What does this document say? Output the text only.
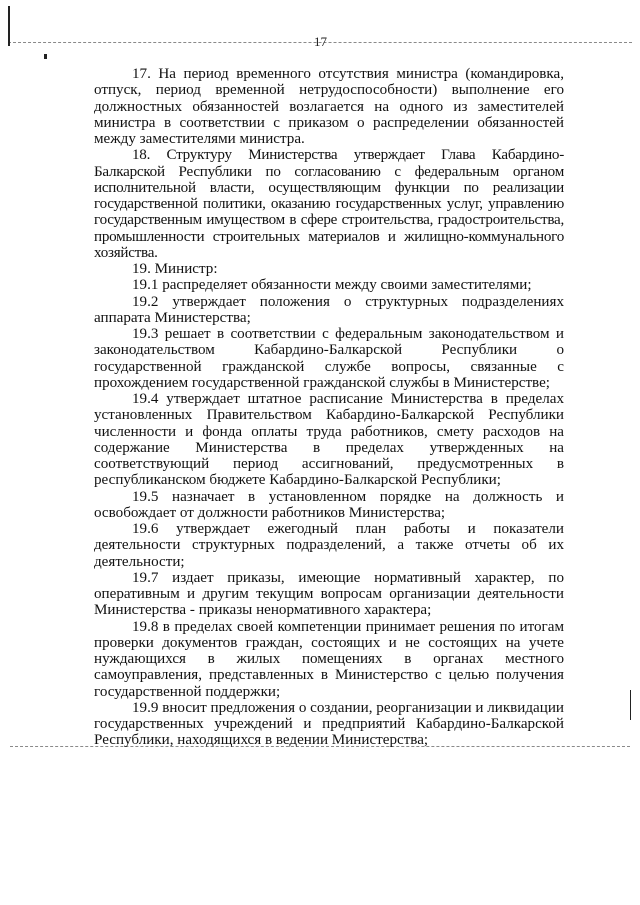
17

17. На период временного отсутствия министра (командировка, отпуск, период временной нетрудоспособности) выполнение его должностных обязанностей возлагается на одного из заместителей министра в соответствии с приказом о распределении обязанностей между заместителями министра.

18. Структуру Министерства утверждает Глава Кабардино-Балкарской Республики по согласованию с федеральным органом исполнительной власти, осуществляющим функции по реализации государственной политики, оказанию государственных услуг, управлению государственным имуществом в сфере строительства, градостроительства, промышленности строительных материалов и жилищно-коммунального хозяйства.

19. Министр:

19.1 распределяет обязанности между своими заместителями;

19.2 утверждает положения о структурных подразделениях аппарата Министерства;

19.3 решает в соответствии с федеральным законодательством и законодательством Кабардино-Балкарской Республики о государственной гражданской службе вопросы, связанные с прохождением государственной гражданской службы в Министерстве;

19.4 утверждает штатное расписание Министерства в пределах установленных Правительством Кабардино-Балкарской Республики численности и фонда оплаты труда работников, смету расходов на содержание Министерства в пределах утвержденных на соответствующий период ассигнований, предусмотренных в республиканском бюджете Кабардино-Балкарской Республики;

19.5 назначает в установленном порядке на должность и освобождает от должности работников Министерства;

19.6 утверждает ежегодный план работы и показатели деятельности структурных подразделений, а также отчеты об их деятельности;

19.7 издает приказы, имеющие нормативный характер, по оперативным и другим текущим вопросам организации деятельности Министерства - приказы ненормативного характера;

19.8 в пределах своей компетенции принимает решения по итогам проверки документов граждан, состоящих и не состоящих на учете нуждающихся в жилых помещениях в органах местного самоуправления, представленных в Министерство с целью получения государственной поддержки;

19.9 вносит предложения о создании, реорганизации и ликвидации государственных учреждений и предприятий Кабардино-Балкарской Республики, находящихся в ведении Министерства;
